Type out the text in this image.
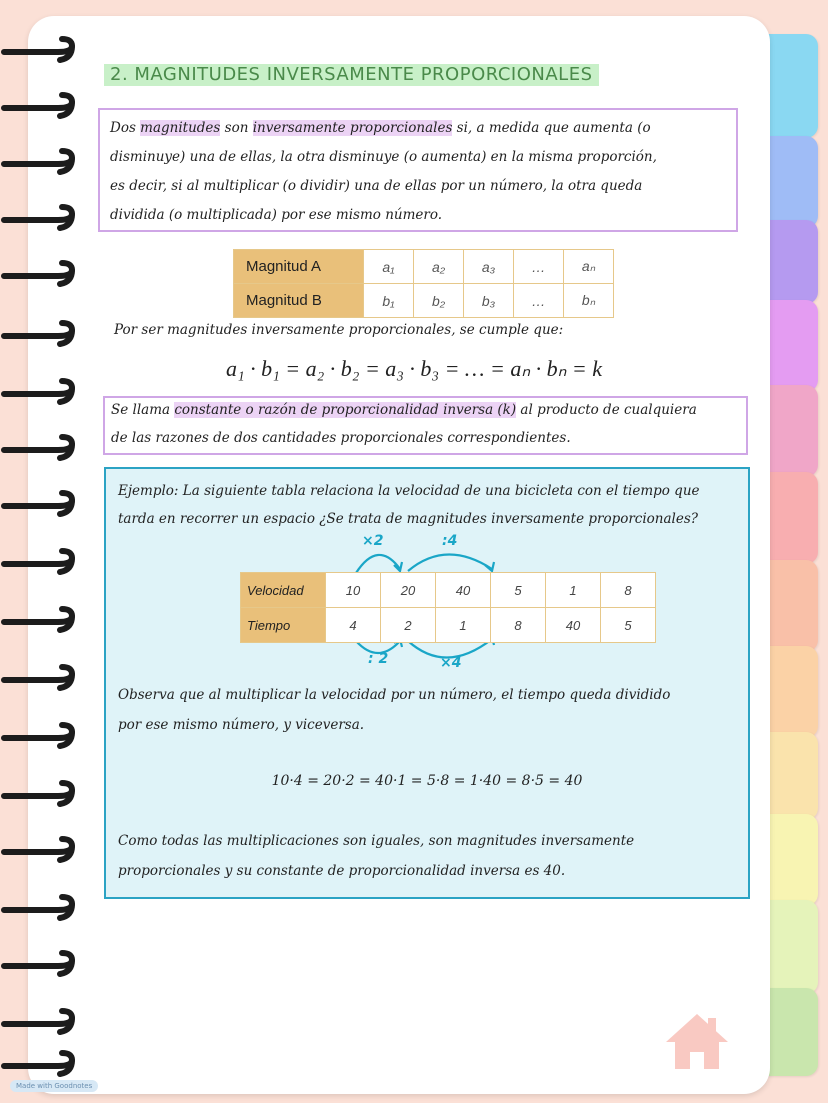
2. MAGNITUDES INVERSAMENTE PROPORCIONALES
Dos magnitudes son inversamente proporcionales si, a medida que aumenta (o
disminuye) una de ellas, la otra disminuye (o aumenta) en la misma proporción,
es decir, si al multiplicar (o dividir) una de ellas por un número, la otra queda
dividida (o multiplicada) por ese mismo número.
Magnitud A	a₁	a₂	a₃	…	aₙ
Magnitud B	b₁	b₂	b₃	…	bₙ
Por ser magnitudes inversamente proporcionales, se cumple que:
a₁ · b₁ = a₂ · b₂ = a₃ · b₃ = … = aₙ · bₙ = k
Se llama constante o razón de proporcionalidad inversa (k) al producto de cualquiera
de las razones de dos cantidades proporcionales correspondientes.
Ejemplo: La siguiente tabla relaciona la velocidad de una bicicleta con el tiempo que
tarda en recorrer un espacio ¿Se trata de magnitudes inversamente proporcionales?
×2	:4
: 2	×4
Velocidad	10	20	40	5	1	8
Tiempo	4	2	1	8	40	5
Observa que al multiplicar la velocidad por un número, el tiempo queda dividido
por ese mismo número, y viceversa.
10·4 = 20·2 = 40·1 = 5·8 = 1·40 = 8·5 = 40
Como todas las multiplicaciones son iguales, son magnitudes inversamente
proporcionales y su constante de proporcionalidad inversa es 40.
Made with Goodnotes
